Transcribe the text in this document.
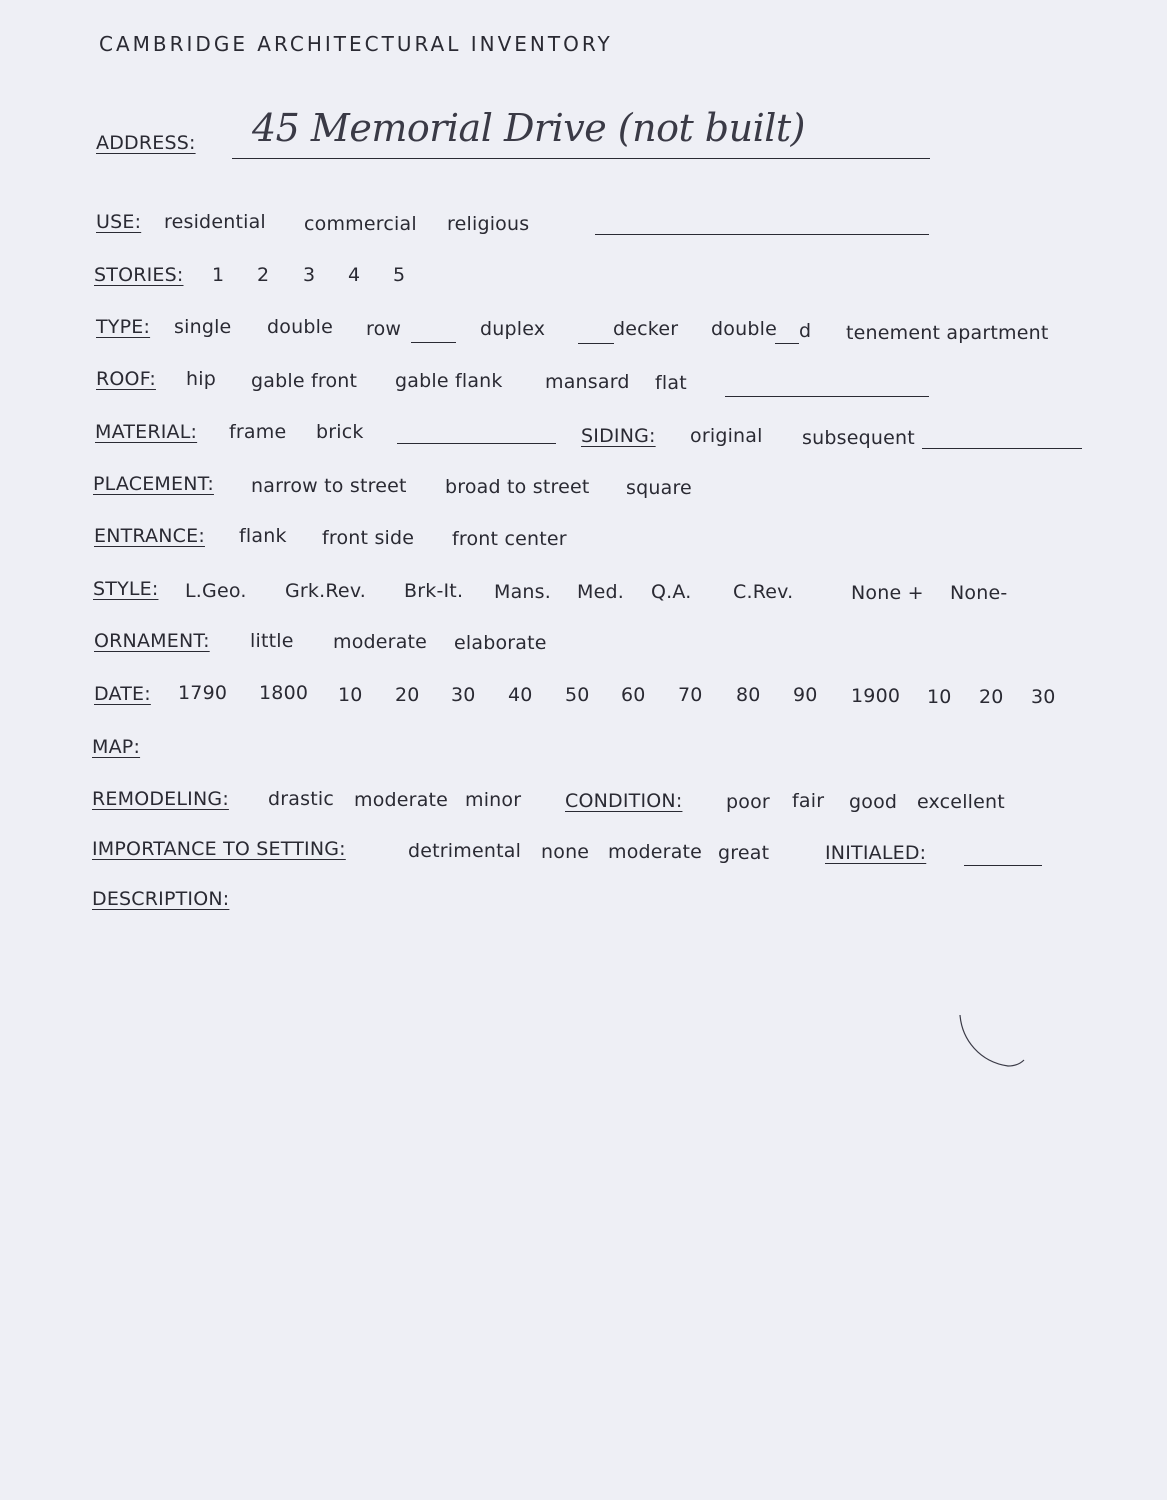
CAMBRIDGE ARCHITECTURAL INVENTORY
ADDRESS: 45 Memorial Drive (not built)
USE: residential commercial religious
STORIES: 1 2 3 4 5
TYPE: single double row	duplex	decker double d tenement apartment
ROOF: hip gable front gable flank mansard flat
MATERIAL: frame brick	SIDING: original subsequent
PLACEMENT: narrow to street broad to street square
ENTRANCE: flank front side front center
STYLE: L.Geo. Grk.Rev. Brk-It. Mans. Med. Q.A. C.Rev.	None + None-
ORNAMENT: little moderate elaborate
DATE: 1790 1800 10 20 30 40 50 60 70 80 90 1900 10 20 30
MAP:
REMODELING: drastic moderate minor CONDITION: poor fair good excellent
IMPORTANCE TO SETTING:	detrimental none moderate great	INITIALED:
DESCRIPTION:
